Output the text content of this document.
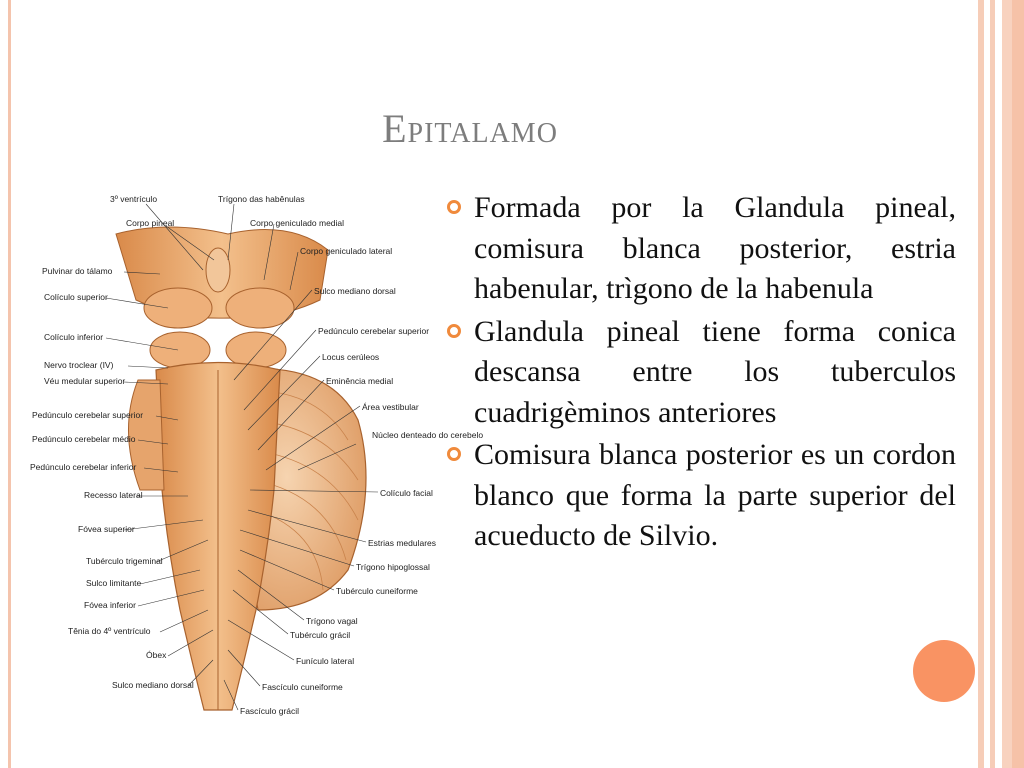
Epitalamo
3º ventrículo
Corpo pineal
Pulvinar do tálamo
Colículo superior
Colículo inferior
Nervo troclear (IV)
Véu medular superior
Pedúnculo cerebelar superior
Pedúnculo cerebelar médio
Pedúnculo cerebelar inferior
Recesso lateral
Fóvea superior
Tubérculo trigeminal
Sulco limitante
Fóvea inferior
Tênia do 4º ventrículo
Óbex
Sulco mediano dorsal
Trígono das habênulas
Corpo geniculado medial
Corpo geniculado lateral
Sulco mediano dorsal
Pedúnculo cerebelar superior
Locus cerúleos
Eminência medial
Área vestibular
Núcleo denteado do cerebelo
Colículo facial
Estrias medulares
Trígono hipoglossal
Tubérculo cuneiforme
Trígono vagal
Tubérculo grácil
Funículo lateral
Fascículo cuneiforme
Fascículo grácil
Formada por la Glandula pineal, comisura blanca posterior, estria habenular, trìgono de la habenula
Glandula pineal tiene forma conica descansa entre los tuberculos cuadrigèminos anteriores
Comisura blanca posterior es un cordon blanco que forma la parte superior del acueducto de Silvio.
